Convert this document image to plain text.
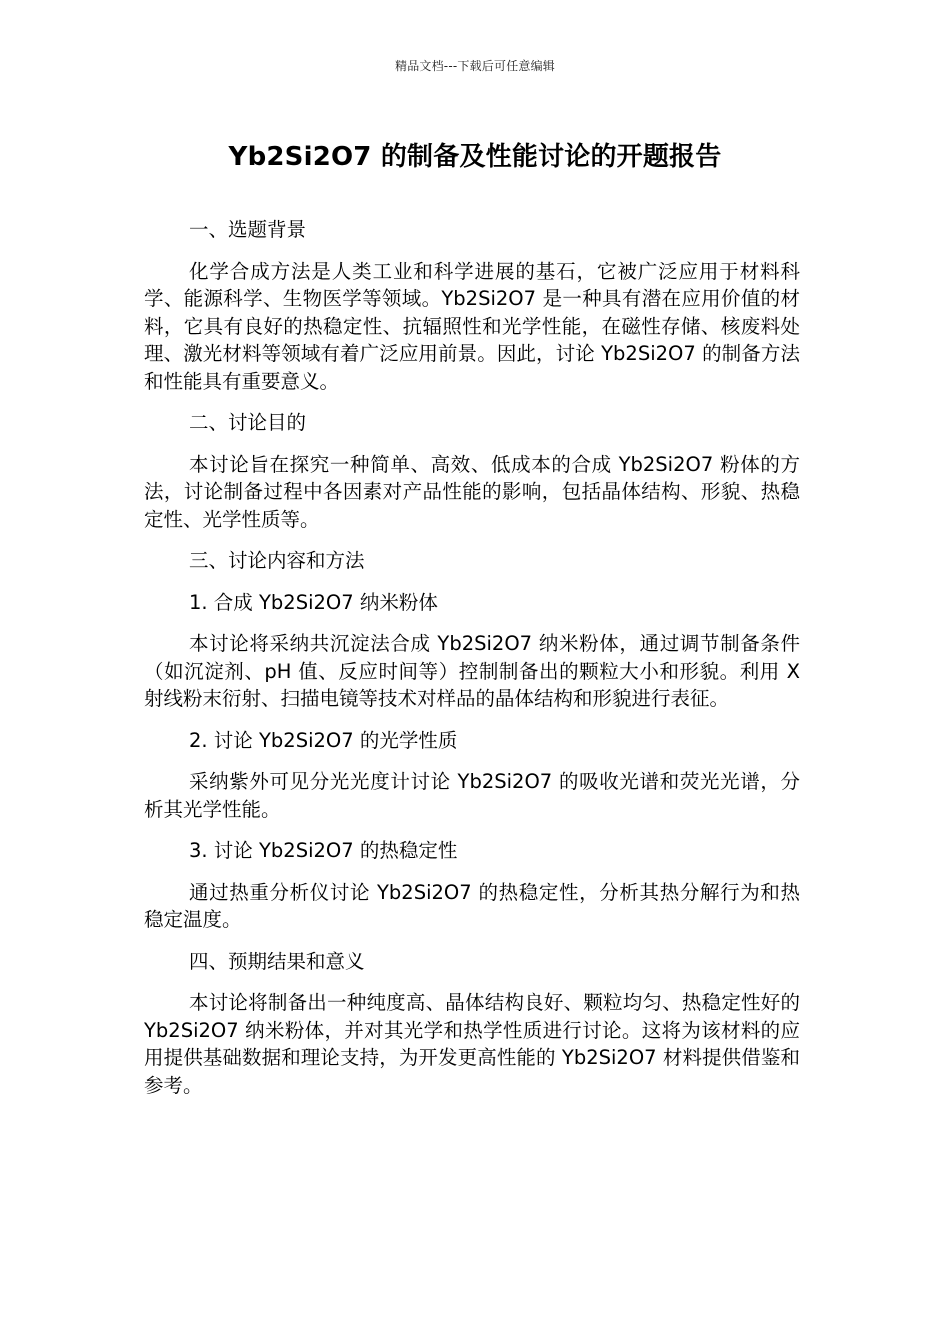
精品文档---下载后可任意编辑
Yb2Si2O7 的制备及性能讨论的开题报告

一、选题背景

化学合成方法是人类工业和科学进展的基石，它被广泛应用于材料科学、能源科学、生物医学等领域。Yb2Si2O7 是一种具有潜在应用价值的材料，它具有良好的热稳定性、抗辐照性和光学性能，在磁性存储、核废料处理、激光材料等领域有着广泛应用前景。因此，讨论 Yb2Si2O7 的制备方法和性能具有重要意义。

二、讨论目的

本讨论旨在探究一种简单、高效、低成本的合成 Yb2Si2O7 粉体的方法，讨论制备过程中各因素对产品性能的影响，包括晶体结构、形貌、热稳定性、光学性质等。

三、讨论内容和方法

1. 合成 Yb2Si2O7 纳米粉体

本讨论将采纳共沉淀法合成 Yb2Si2O7 纳米粉体，通过调节制备条件（如沉淀剂、pH 值、反应时间等）控制制备出的颗粒大小和形貌。利用 X 射线粉末衍射、扫描电镜等技术对样品的晶体结构和形貌进行表征。

2. 讨论 Yb2Si2O7 的光学性质

采纳紫外可见分光光度计讨论 Yb2Si2O7 的吸收光谱和荧光光谱，分析其光学性能。

3. 讨论 Yb2Si2O7 的热稳定性

通过热重分析仪讨论 Yb2Si2O7 的热稳定性，分析其热分解行为和热稳定温度。

四、预期结果和意义

本讨论将制备出一种纯度高、晶体结构良好、颗粒均匀、热稳定性好的 Yb2Si2O7 纳米粉体，并对其光学和热学性质进行讨论。这将为该材料的应用提供基础数据和理论支持，为开发更高性能的 Yb2Si2O7 材料提供借鉴和参考。
